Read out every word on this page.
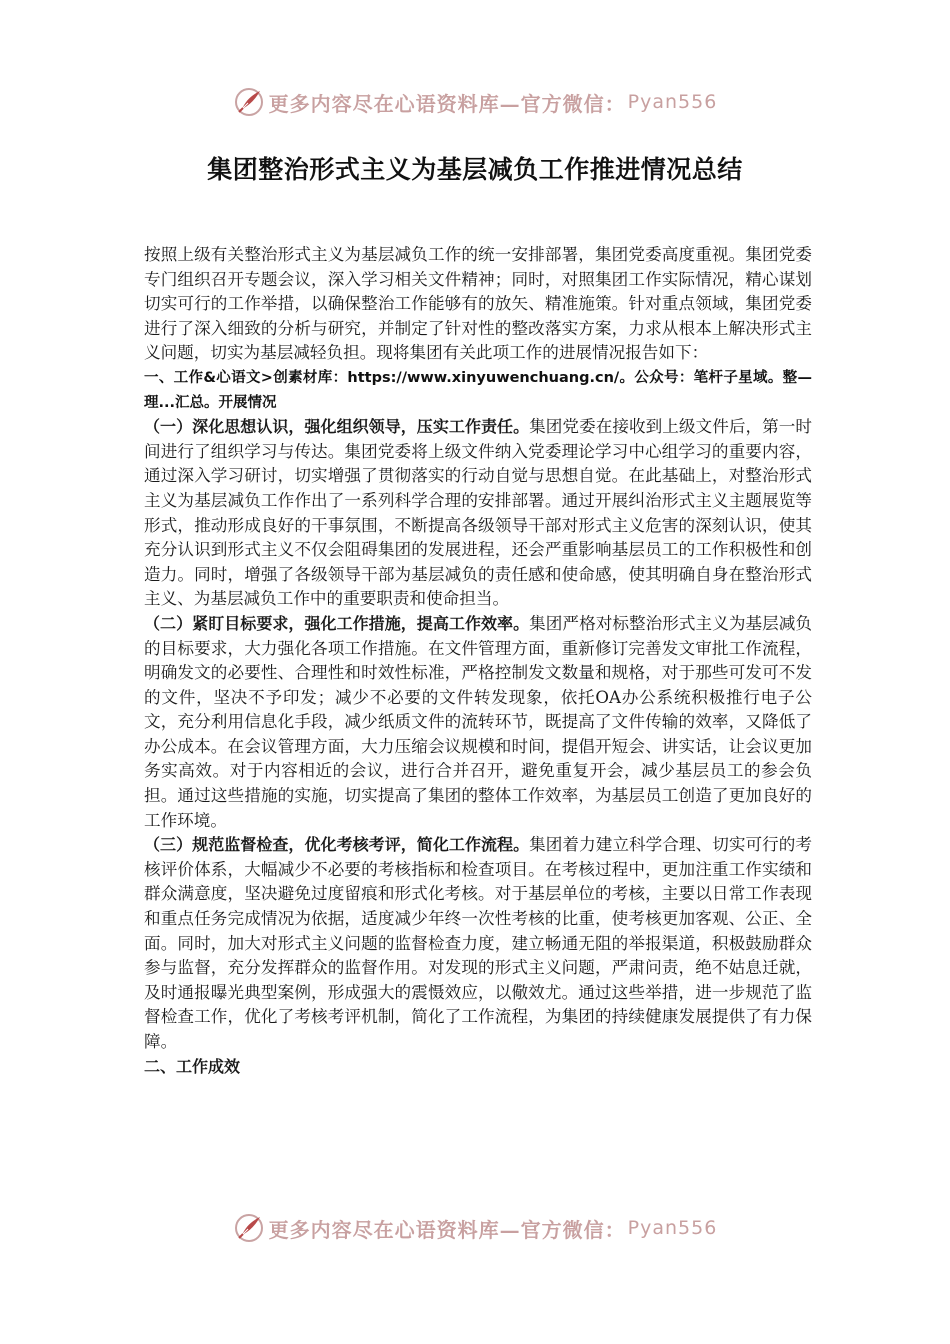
更多内容尽在心语资料库—官方微信： Pyan556
集团整治形式主义为基层减负工作推进情况总结

按照上级有关整治形式主义为基层减负工作的统一安排部署，集团党委高度重视。集团党委专门组织召开专题会议，深入学习相关文件精神；同时，对照集团工作实际情况，精心谋划切实可行的工作举措，以确保整治工作能够有的放矢、精准施策。针对重点领域，集团党委进行了深入细致的分析与研究，并制定了针对性的整改落实方案，力求从根本上解决形式主义问题，切实为基层减轻负担。现将集团有关此项工作的进展情况报告如下：

一、工作&心语文>创素材库：https://www.xinyuwenchuang.cn/。公众号：笔杆子星域。整—理...汇总。开展情况

（一）深化思想认识，强化组织领导，压实工作责任。集团党委在接收到上级文件后，第一时间进行了组织学习与传达。集团党委将上级文件纳入党委理论学习中心组学习的重要内容，通过深入学习研讨，切实增强了贯彻落实的行动自觉与思想自觉。在此基础上，对整治形式主义为基层减负工作作出了一系列科学合理的安排部署。通过开展纠治形式主义主题展览等形式，推动形成良好的干事氛围，不断提高各级领导干部对形式主义危害的深刻认识，使其充分认识到形式主义不仅会阻碍集团的发展进程，还会严重影响基层员工的工作积极性和创造力。同时，增强了各级领导干部为基层减负的责任感和使命感，使其明确自身在整治形式主义、为基层减负工作中的重要职责和使命担当。

（二）紧盯目标要求，强化工作措施，提高工作效率。集团严格对标整治形式主义为基层减负的目标要求，大力强化各项工作措施。在文件管理方面，重新修订完善发文审批工作流程，明确发文的必要性、合理性和时效性标准，严格控制发文数量和规格，对于那些可发可不发的文件，坚决不予印发；减少不必要的文件转发现象，依托OA办公系统积极推行电子公文，充分利用信息化手段，减少纸质文件的流转环节，既提高了文件传输的效率，又降低了办公成本。在会议管理方面，大力压缩会议规模和时间，提倡开短会、讲实话，让会议更加务实高效。对于内容相近的会议，进行合并召开，避免重复开会，减少基层员工的参会负担。通过这些措施的实施，切实提高了集团的整体工作效率，为基层员工创造了更加良好的工作环境。

（三）规范监督检查，优化考核考评，简化工作流程。集团着力建立科学合理、切实可行的考核评价体系，大幅减少不必要的考核指标和检查项目。在考核过程中，更加注重工作实绩和群众满意度，坚决避免过度留痕和形式化考核。对于基层单位的考核，主要以日常工作表现和重点任务完成情况为依据，适度减少年终一次性考核的比重，使考核更加客观、公正、全面。同时，加大对形式主义问题的监督检查力度，建立畅通无阻的举报渠道，积极鼓励群众参与监督，充分发挥群众的监督作用。对发现的形式主义问题，严肃问责，绝不姑息迁就，及时通报曝光典型案例，形成强大的震慑效应，以儆效尤。通过这些举措，进一步规范了监督检查工作，优化了考核考评机制，简化了工作流程，为集团的持续健康发展提供了有力保障。

二、工作成效

更多内容尽在心语资料库—官方微信： Pyan556
